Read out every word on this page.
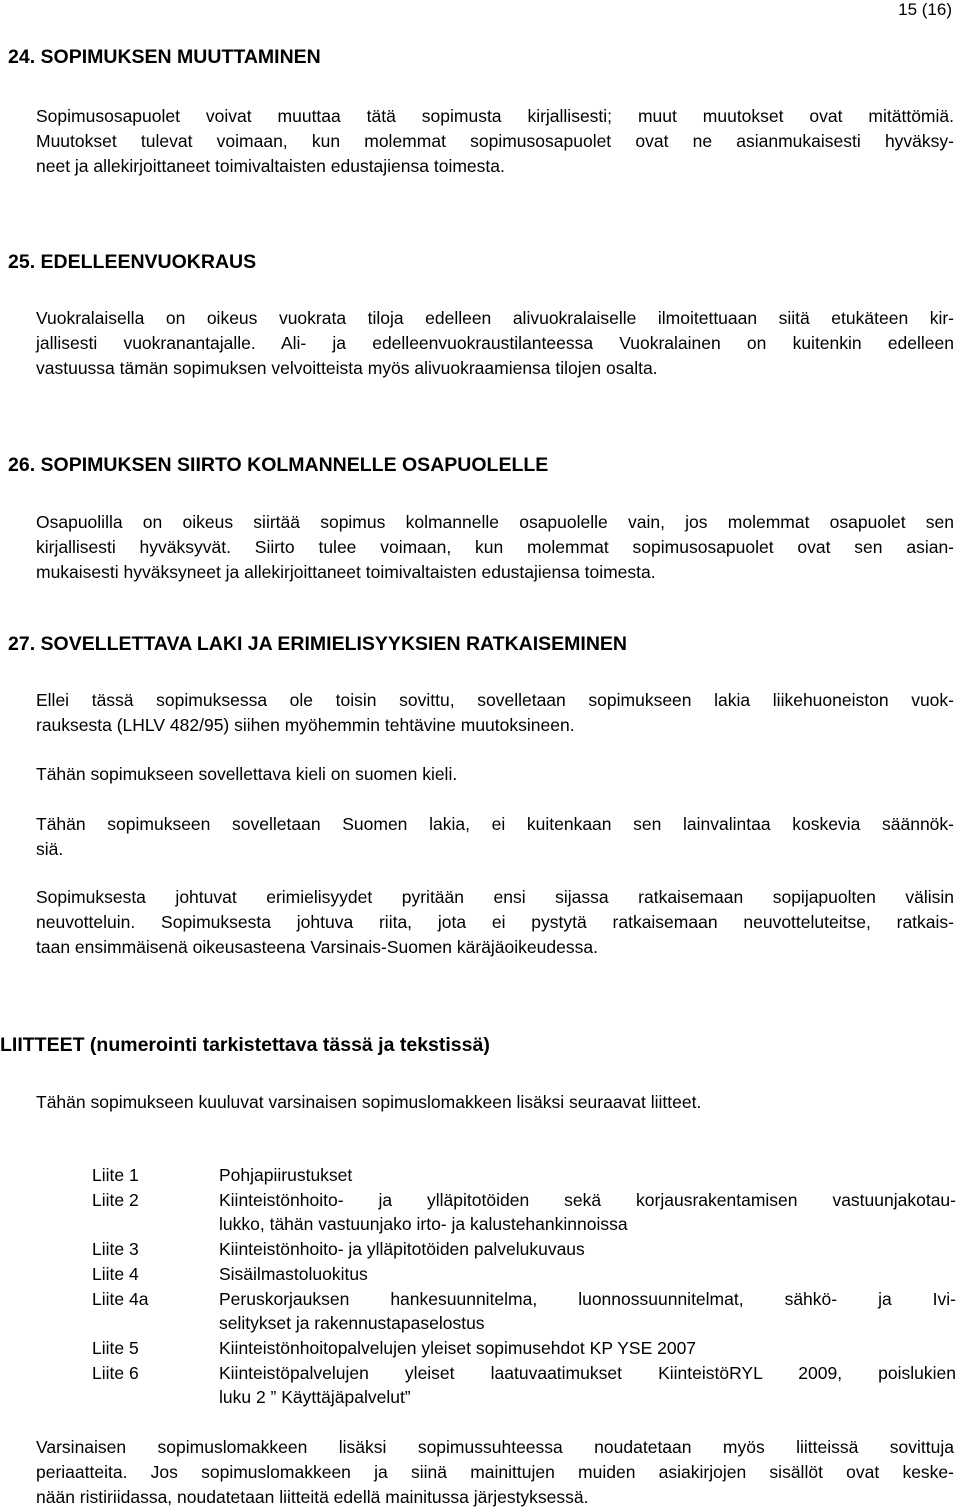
15 (16)
24. SOPIMUKSEN MUUTTAMINEN
Sopimusosapuolet voivat muuttaa tätä sopimusta kirjallisesti; muut muutokset ovat mitättömiä.
Muutokset tulevat voimaan, kun molemmat sopimusosapuolet ovat ne asianmukaisesti hyväksy-
neet ja allekirjoittaneet toimivaltaisten edustajiensa toimesta.
25. EDELLEENVUOKRAUS
Vuokralaisella on oikeus vuokrata tiloja edelleen alivuokralaiselle ilmoitettuaan siitä etukäteen kir-
jallisesti vuokranantajalle. Ali- ja edelleenvuokraustilanteessa Vuokralainen on kuitenkin edelleen
vastuussa tämän sopimuksen velvoitteista myös alivuokraamiensa tilojen osalta.
26. SOPIMUKSEN SIIRTO KOLMANNELLE OSAPUOLELLE
Osapuolilla on oikeus siirtää sopimus kolmannelle osapuolelle vain, jos molemmat osapuolet sen
kirjallisesti hyväksyvät. Siirto tulee voimaan, kun molemmat sopimusosapuolet ovat sen asian-
mukaisesti hyväksyneet ja allekirjoittaneet toimivaltaisten edustajiensa toimesta.
27. SOVELLETTAVA LAKI JA ERIMIELISYYKSIEN RATKAISEMINEN
Ellei tässä sopimuksessa ole toisin sovittu, sovelletaan sopimukseen lakia liikehuoneiston vuok-
rauksesta (LHLV 482/95) siihen myöhemmin tehtävine muutoksineen.
Tähän sopimukseen sovellettava kieli on suomen kieli.
Tähän sopimukseen sovelletaan Suomen lakia, ei kuitenkaan sen lainvalintaa koskevia säännök-
siä.
Sopimuksesta johtuvat erimielisyydet pyritään ensi sijassa ratkaisemaan sopijapuolten välisin
neuvotteluin. Sopimuksesta johtuva riita, jota ei pystytä ratkaisemaan neuvotteluteitse, ratkais-
taan ensimmäisenä oikeusasteena Varsinais-Suomen käräjäoikeudessa.
LIITTEET (numerointi tarkistettava tässä ja tekstissä)
Tähän sopimukseen kuuluvat varsinaisen sopimuslomakkeen lisäksi seuraavat liitteet.
Liite 1	Pohjapiirustukset
Liite 2	Kiinteistönhoito- ja ylläpitotöiden sekä korjausrakentamisen vastuunjakotau-
lukko, tähän vastuunjako irto- ja kalustehankinnoissa
Liite 3	Kiinteistönhoito- ja ylläpitotöiden palvelukuvaus
Liite 4	Sisäilmastoluokitus
Liite 4a	Peruskorjauksen hankesuunnitelma, luonnossuunnitelmat, sähkö- ja Ivi-
selitykset ja rakennustapaselostus
Liite 5	Kiinteistönhoitopalvelujen yleiset sopimusehdot KP YSE 2007
Liite 6	Kiinteistöpalvelujen yleiset laatuvaatimukset KiinteistöRYL 2009, poislukien
luku 2 ” Käyttäjäpalvelut”
Varsinaisen sopimuslomakkeen lisäksi sopimussuhteessa noudatetaan myös liitteissä sovittuja
periaatteita. Jos sopimuslomakkeen ja siinä mainittujen muiden asiakirjojen sisällöt ovat keske-
nään ristiriidassa, noudatetaan liitteitä edellä mainitussa järjestyksessä.
